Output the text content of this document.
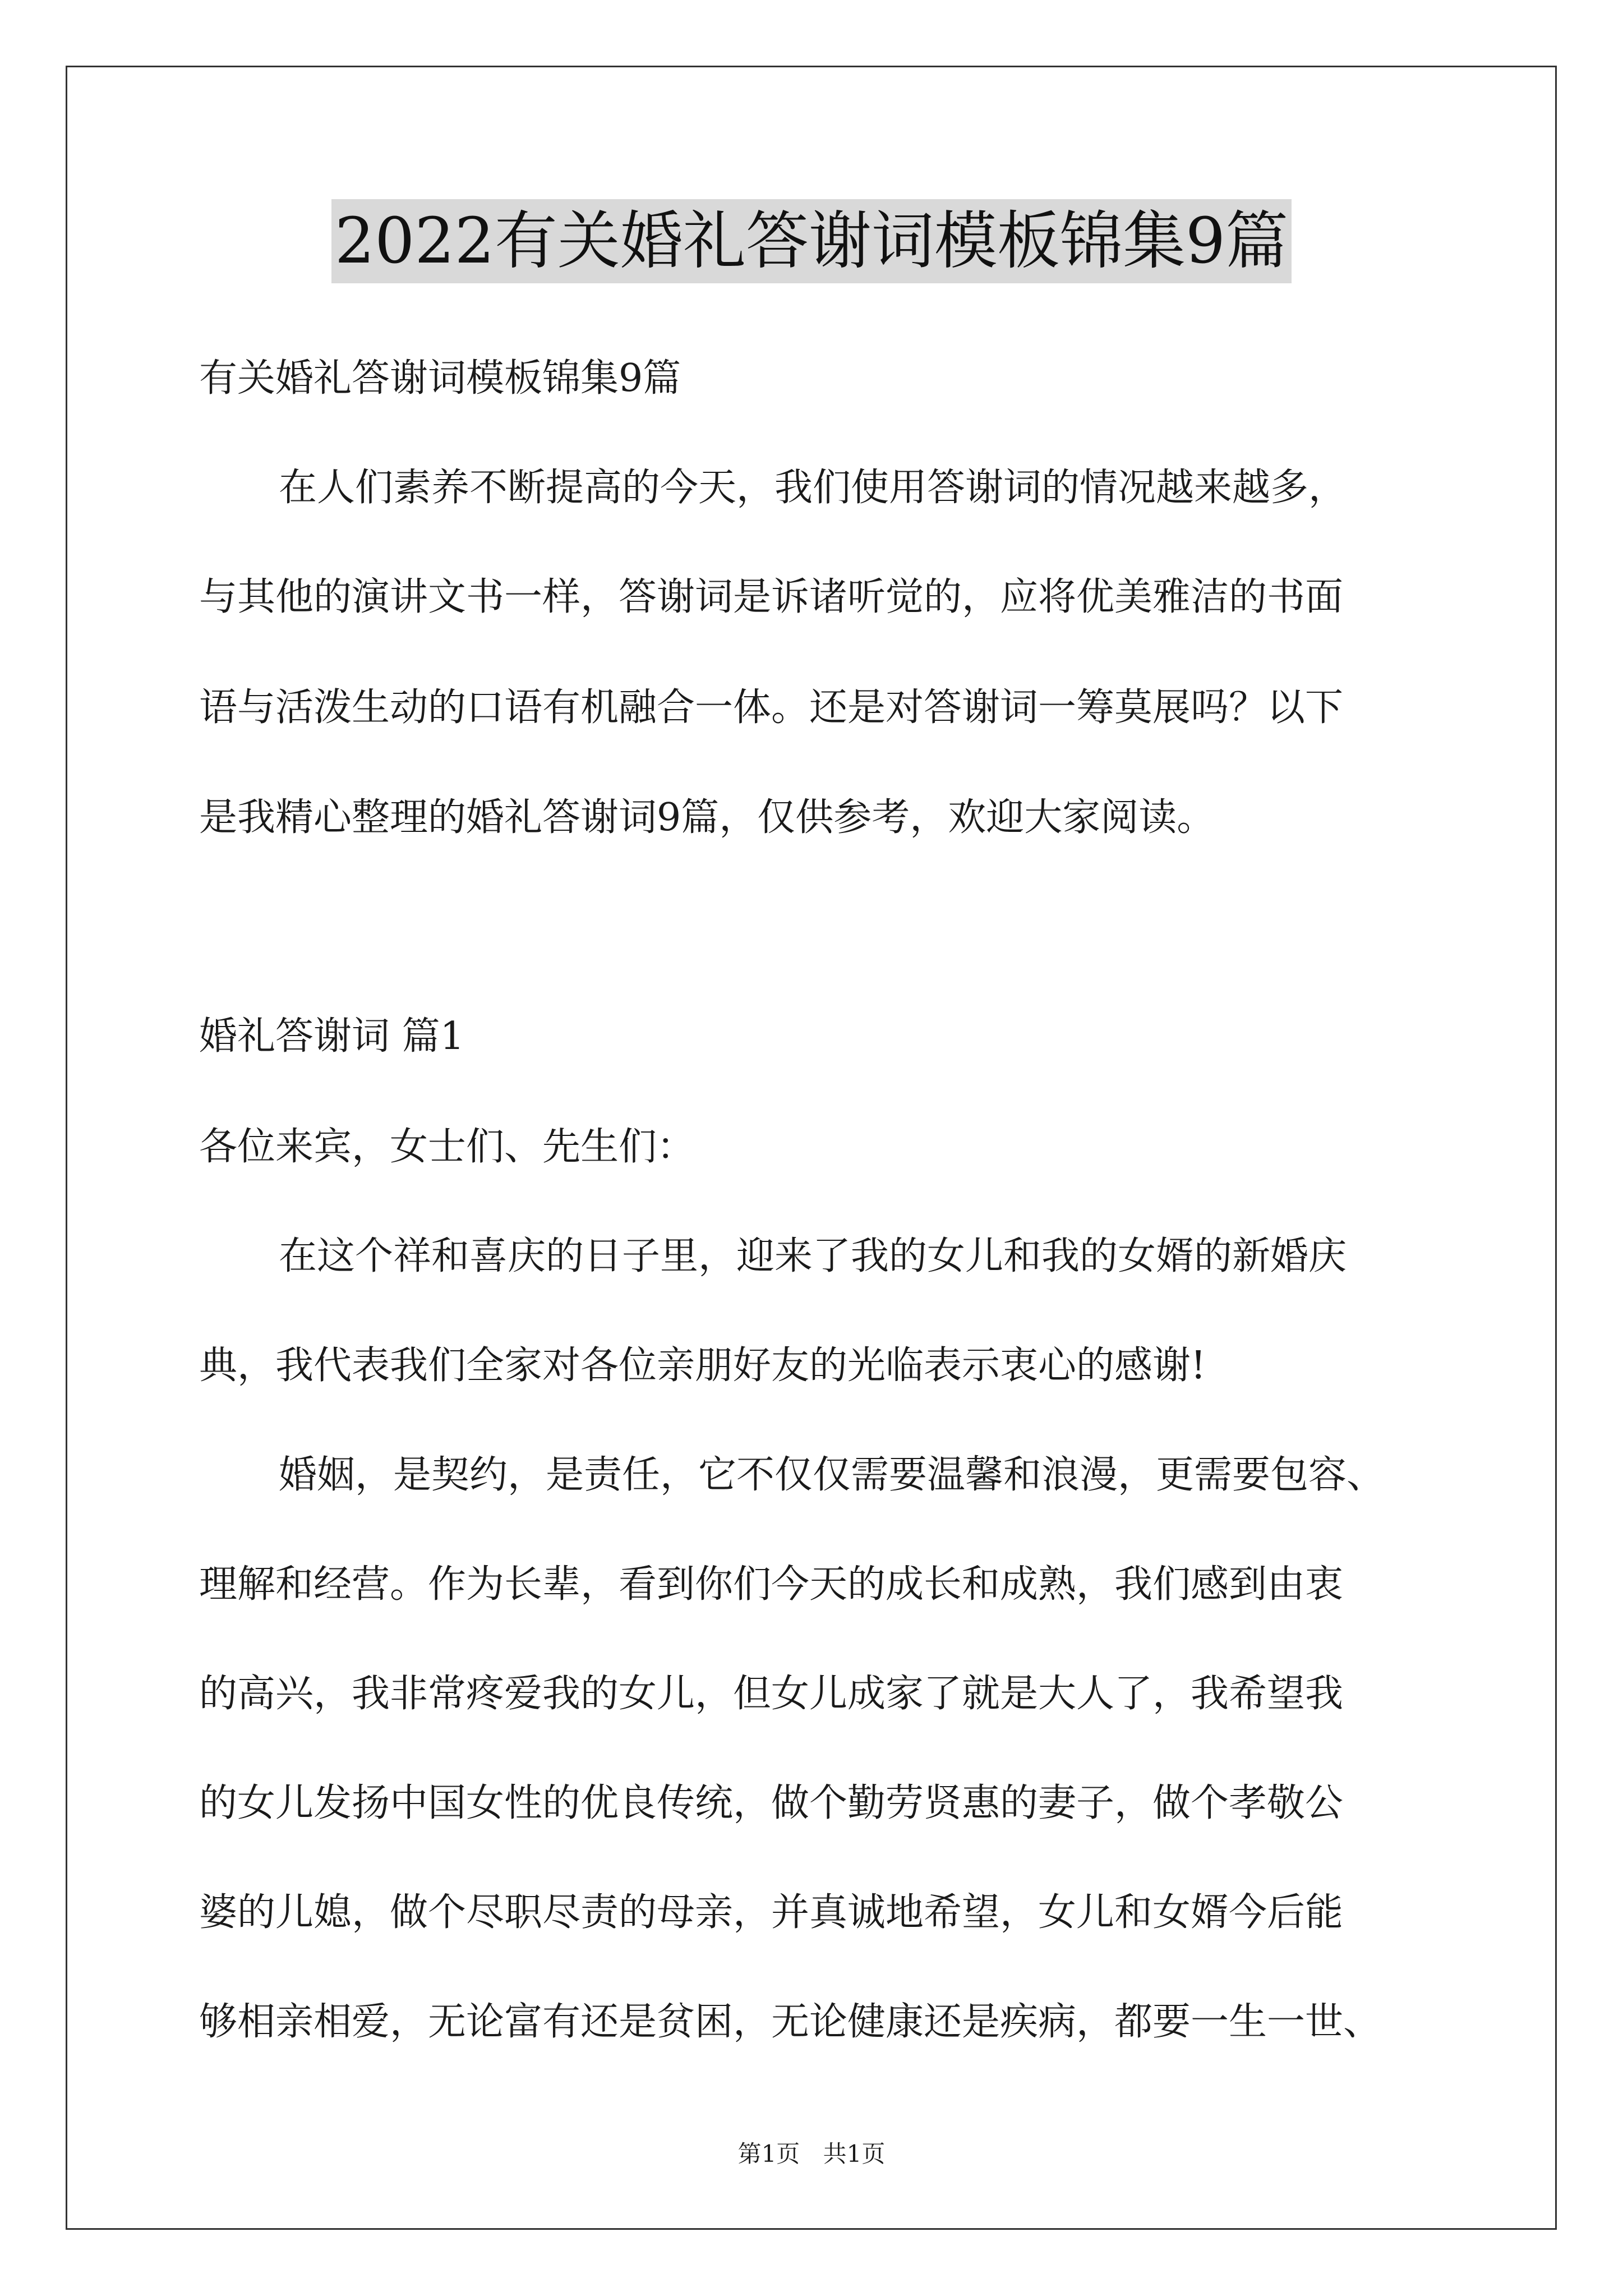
2022有关婚礼答谢词模板锦集9篇
有关婚礼答谢词模板锦集9篇
在人们素养不断提高的今天，我们使用答谢词的情况越来越多，
与其他的演讲文书一样，答谢词是诉诸听觉的，应将优美雅洁的书面
语与活泼生动的口语有机融合一体。还是对答谢词一筹莫展吗？以下
是我精心整理的婚礼答谢词9篇，仅供参考，欢迎大家阅读。
婚礼答谢词 篇1
各位来宾，女士们、先生们：
在这个祥和喜庆的日子里，迎来了我的女儿和我的女婿的新婚庆
典，我代表我们全家对各位亲朋好友的光临表示衷心的感谢!
婚姻，是契约，是责任，它不仅仅需要温馨和浪漫，更需要包容、
理解和经营。作为长辈，看到你们今天的成长和成熟，我们感到由衷
的高兴，我非常疼爱我的女儿，但女儿成家了就是大人了，我希望我
的女儿发扬中国女性的优良传统，做个勤劳贤惠的妻子，做个孝敬公
婆的儿媳，做个尽职尽责的母亲，并真诚地希望，女儿和女婿今后能
够相亲相爱，无论富有还是贫困，无论健康还是疾病，都要一生一世、
第1页 共1页
